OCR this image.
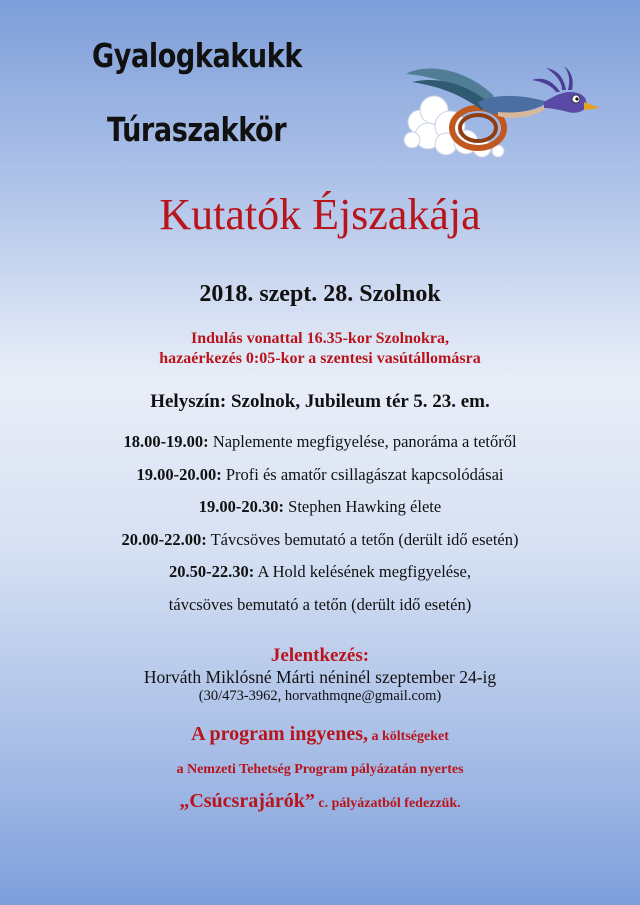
Gyalogkakukk
Túraszakkör
Kutatók Éjszakája
2018. szept. 28. Szolnok
Indulás vonattal 16.35-kor Szolnokra,
hazaérkezés 0:05-kor a szentesi vasútállomásra
Helyszín: Szolnok, Jubileum tér 5. 23. em.
18.00-19.00: Naplemente megfigyelése, panoráma a tetőről
19.00-20.00: Profi és amatőr csillagászat kapcsolódásai
19.00-20.30: Stephen Hawking élete
20.00-22.00: Távcsöves bemutató a tetőn (derült idő esetén)
20.50-22.30: A Hold kelésének megfigyelése,
távcsöves bemutató a tetőn (derült idő esetén)
Jelentkezés:
Horváth Miklósné Márti néninél szeptember 24-ig
(30/473-3962, horvathmqne@gmail.com)
A program ingyenes, a költségeket
a Nemzeti Tehetség Program pályázatán nyertes
„Csúcsrajárók” c. pályázatból fedezzük.
